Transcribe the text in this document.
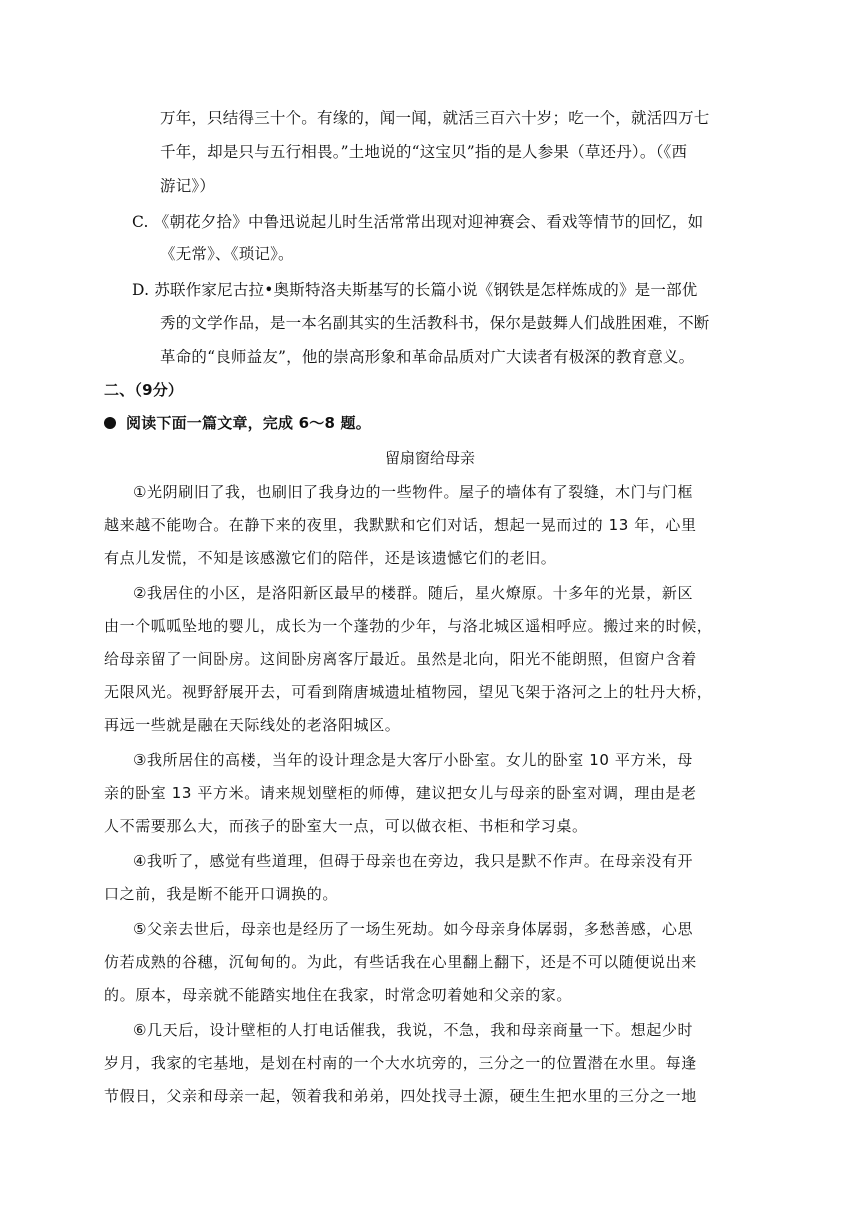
万年，只结得三十个。有缘的，闻一闻，就活三百六十岁；吃一个，就活四万七
千年，却是只与五行相畏。”土地说的“这宝贝”指的是人参果（草还丹）。（《西
游记》）
C. 《朝花夕拾》中鲁迅说起儿时生活常常出现对迎神赛会、看戏等情节的回忆，如
《无常》、《琐记》。
D. 苏联作家尼古拉•奥斯特洛夫斯基写的长篇小说《钢铁是怎样炼成的》是一部优
秀的文学作品，是一本名副其实的生活教科书，保尔是鼓舞人们战胜困难，不断
革命的“良师益友”，他的崇高形象和革命品质对广大读者有极深的教育意义。
二、（9分）
阅读下面一篇文章，完成 6～8 题。
留扇窗给母亲
①光阴刷旧了我，也刷旧了我身边的一些物件。屋子的墙体有了裂缝，木门与门框
越来越不能吻合。在静下来的夜里，我默默和它们对话，想起一晃而过的 13 年，心里
有点儿发慌，不知是该感激它们的陪伴，还是该遗憾它们的老旧。
②我居住的小区，是洛阳新区最早的楼群。随后，星火燎原。十多年的光景，新区
由一个呱呱坠地的婴儿，成长为一个蓬勃的少年，与洛北城区遥相呼应。搬过来的时候，
给母亲留了一间卧房。这间卧房离客厅最近。虽然是北向，阳光不能朗照，但窗户含着
无限风光。视野舒展开去，可看到隋唐城遗址植物园，望见飞架于洛河之上的牡丹大桥，
再远一些就是融在天际线处的老洛阳城区。
③我所居住的高楼，当年的设计理念是大客厅小卧室。女儿的卧室 10 平方米，母
亲的卧室 13 平方米。请来规划壁柜的师傅，建议把女儿与母亲的卧室对调，理由是老
人不需要那么大，而孩子的卧室大一点，可以做衣柜、书柜和学习桌。
④我听了，感觉有些道理，但碍于母亲也在旁边，我只是默不作声。在母亲没有开
口之前，我是断不能开口调换的。
⑤父亲去世后，母亲也是经历了一场生死劫。如今母亲身体孱弱，多愁善感，心思
仿若成熟的谷穗，沉甸甸的。为此，有些话我在心里翻上翻下，还是不可以随便说出来
的。原本，母亲就不能踏实地住在我家，时常念叨着她和父亲的家。
⑥几天后，设计壁柜的人打电话催我，我说，不急，我和母亲商量一下。想起少时
岁月，我家的宅基地，是划在村南的一个大水坑旁的，三分之一的位置潜在水里。每逢
节假日，父亲和母亲一起，领着我和弟弟，四处找寻土源，硬生生把水里的三分之一地
